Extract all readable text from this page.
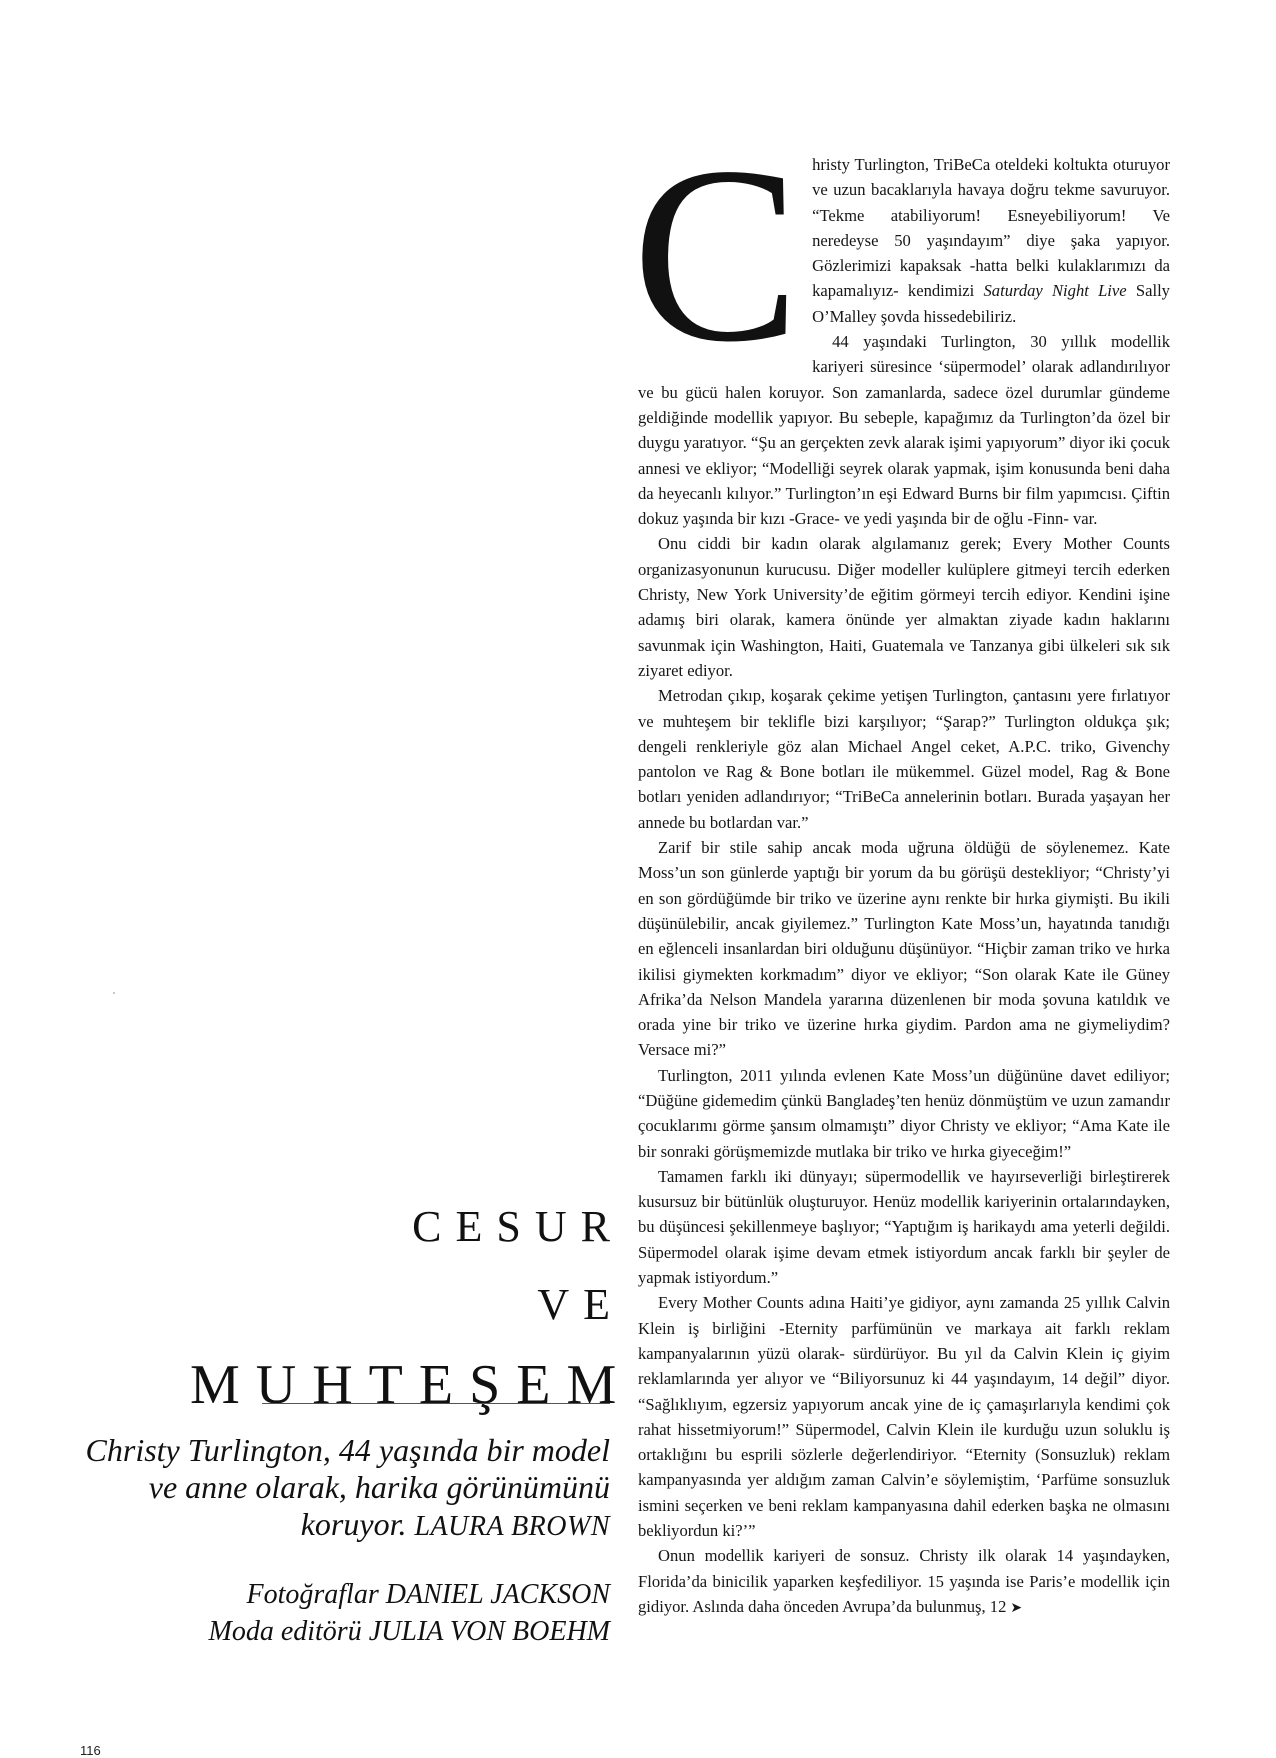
CESUR
VE
MUHTEŞEM
Christy Turlington, 44 yaşında bir model ve anne olarak, harika görünümünü koruyor. LAURA BROWN
Fotoğraflar DANIEL JACKSON
Moda editörü JULIA VON BOEHM

Christy Turlington, TriBeCa oteldeki koltukta oturuyor ve uzun bacaklarıyla havaya doğru tekme savuruyor. “Tekme atabiliyorum! Esneyebiliyorum! Ve neredeyse 50 yaşındayım” diye şaka yapıyor. Gözlerimizi kapaksak -hatta belki kulaklarımızı da kapamalıyız- kendimizi Saturday Night Live Sally O’Malley şovda hissedebiliriz.

44 yaşındaki Turlington, 30 yıllık modellik kariyeri süresince ‘süpermodel’ olarak adlandırılıyor ve bu gücü halen koruyor. Son zamanlarda, sadece özel durumlar gündeme geldiğinde modellik yapıyor. Bu sebeple, kapağımız da Turlington’da özel bir duygu yaratıyor. “Şu an gerçekten zevk alarak işimi yapıyorum” diyor iki çocuk annesi ve ekliyor; “Modelliği seyrek olarak yapmak, işim konusunda beni daha da heyecanlı kılıyor.” Turlington’ın eşi Edward Burns bir film yapımcısı. Çiftin dokuz yaşında bir kızı -Grace- ve yedi yaşında bir de oğlu -Finn- var.

Onu ciddi bir kadın olarak algılamanız gerek; Every Mother Counts organizasyonunun kurucusu. Diğer modeller kulüplere gitmeyi tercih ederken Christy, New York University’de eğitim görmeyi tercih ediyor. Kendini işine adamış biri olarak, kamera önünde yer almaktan ziyade kadın haklarını savunmak için Washington, Haiti, Guatemala ve Tanzanya gibi ülkeleri sık sık ziyaret ediyor.

Metrodan çıkıp, koşarak çekime yetişen Turlington, çantasını yere fırlatıyor ve muhteşem bir teklifle bizi karşılıyor; “Şarap?” Turlington oldukça şık; dengeli renkleriyle göz alan Michael Angel ceket, A.P.C. triko, Givenchy pantolon ve Rag & Bone botları ile mükemmel. Güzel model, Rag & Bone botları yeniden adlandırıyor; “TriBeCa annelerinin botları. Burada yaşayan her annede bu botlardan var.”

Zarif bir stile sahip ancak moda uğruna öldüğü de söylenemez. Kate Moss’un son günlerde yaptığı bir yorum da bu görüşü destekliyor; “Christy’yi en son gördüğümde bir triko ve üzerine aynı renkte bir hırka giymişti. Bu ikili düşünülebilir, ancak giyilemez.” Turlington Kate Moss’un, hayatında tanıdığı en eğlenceli insanlardan biri olduğunu düşünüyor. “Hiçbir zaman triko ve hırka ikilisi giymekten korkmadım” diyor ve ekliyor; “Son olarak Kate ile Güney Afrika’da Nelson Mandela yararına düzenlenen bir moda şovuna katıldık ve orada yine bir triko ve üzerine hırka giydim. Pardon ama ne giymeliydim? Versace mi?”

Turlington, 2011 yılında evlenen Kate Moss’un düğününe davet ediliyor; “Düğüne gidemedim çünkü Bangladeş’ten henüz dönmüştüm ve uzun zamandır çocuklarımı görme şansım olmamıştı” diyor Christy ve ekliyor; “Ama Kate ile bir sonraki görüşmemizde mutlaka bir triko ve hırka giyeceğim!”

Tamamen farklı iki dünyayı; süpermodellik ve hayırseverliği birleştirerek kusursuz bir bütünlük oluşturuyor. Henüz modellik kariyerinin ortalarındayken, bu düşüncesi şekillenmeye başlıyor; “Yaptığım iş harikaydı ama yeterli değildi. Süpermodel olarak işime devam etmek istiyordum ancak farklı bir şeyler de yapmak istiyordum.”

Every Mother Counts adına Haiti’ye gidiyor, aynı zamanda 25 yıllık Calvin Klein iş birliğini -Eternity parfümünün ve markaya ait farklı reklam kampanyalarının yüzü olarak- sürdürüyor. Bu yıl da Calvin Klein iç giyim reklamlarında yer alıyor ve “Biliyorsunuz ki 44 yaşındayım, 14 değil” diyor. “Sağlıklıyım, egzersiz yapıyorum ancak yine de iç çamaşırlarıyla kendimi çok rahat hissetmiyorum!” Süpermodel, Calvin Klein ile kurduğu uzun soluklu iş ortaklığını bu esprili sözlerle değerlendiriyor. “Eternity (Sonsuzluk) reklam kampanyasında yer aldığım zaman Calvin’e söylemiştim, ‘Parfüme sonsuzluk ismini seçerken ve beni reklam kampanyasına dahil ederken başka ne olmasını bekliyordun ki?’”

Onun modellik kariyeri de sonsuz. Christy ilk olarak 14 yaşındayken, Florida’da binicilik yaparken keşfediliyor. 15 yaşında ise Paris’e modellik için gidiyor. Aslında daha önceden Avrupa’da bulunmuş, 12 ➤

116
